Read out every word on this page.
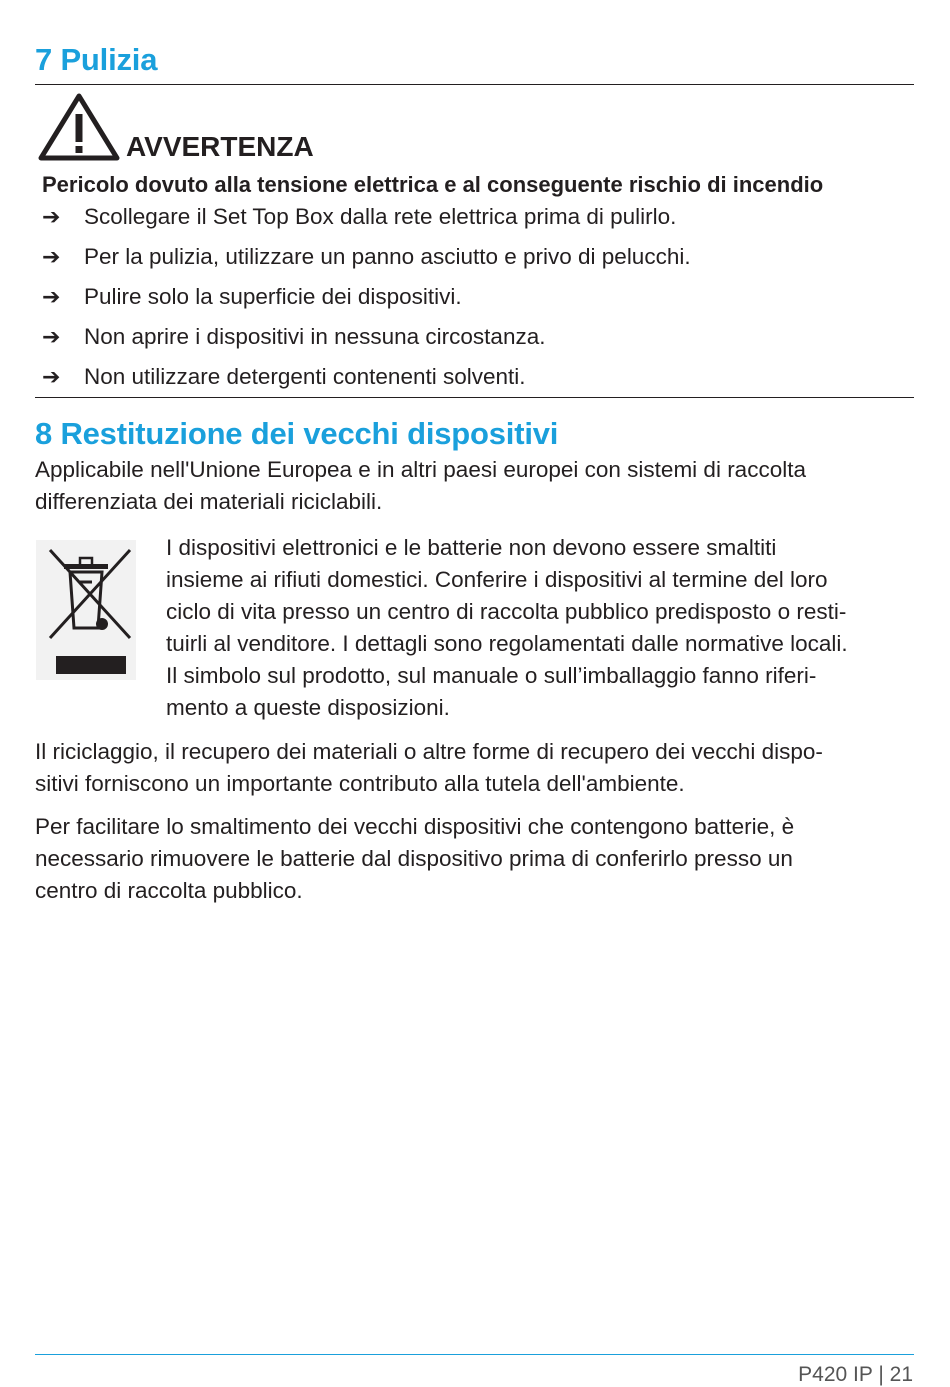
7 Pulizia
AVVERTENZA
Pericolo dovuto alla tensione elettrica e al conseguente rischio di incendio
➔	Scollegare il Set Top Box dalla rete elettrica prima di pulirlo.
➔	Per la pulizia, utilizzare un panno asciutto e privo di pelucchi.
➔	Pulire solo la superficie dei dispositivi.
➔	Non aprire i dispositivi in nessuna circostanza.
➔	Non utilizzare detergenti contenenti solventi.
8 Restituzione dei vecchi dispositivi

Applicabile nell'Unione Europea e in altri paesi europei con sistemi di raccolta differenziata dei materiali riciclabili.

I dispositivi elettronici e le batterie non devono essere smaltiti

insieme ai rifiuti domestici. Conferire i dispositivi al termine del loro

ciclo di vita presso un centro di raccolta pubblico predisposto o resti-

tuirli al venditore. I dettagli sono regolamentati dalle normative locali.

Il simbolo sul prodotto, sul manuale o sull’imballaggio fanno riferi-

mento a queste disposizioni.

Il riciclaggio, il recupero dei materiali o altre forme di recupero dei vecchi dispo-

sitivi forniscono un importante contributo alla tutela dell'ambiente.

Per facilitare lo smaltimento dei vecchi dispositivi che contengono batterie, è

necessario rimuovere le batterie dal dispositivo prima di conferirlo presso un

centro di raccolta pubblico.

P420 IP | 21
